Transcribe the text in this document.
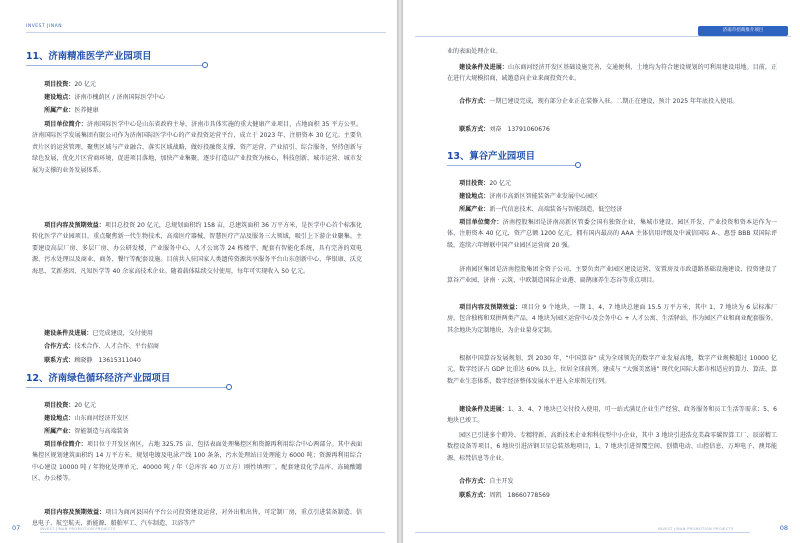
INVEST JINAN
11、济南精准医学产业园项目
项目投资：20 亿元
建设地点：济南市槐荫区 / 济南国际医学中心
所属产业：医养健康
项目单位简介：济南国际医学中心是山东省政府主导、济南市具体实施的重大健康产业项目，占地面积 35 平方公里。济南国际医学发展集团有限公司作为济南国际医学中心的产业投资运营平台，成立于 2023 年，注册资本 30 亿元。主要负责片区的运营管理、聚焦区域与产业融合，落实区域战略，做好投融资支撑，资产运营、产业招引、综合服务，坚持创新与绿色发展，优化片区营商环境，促进项目落地，加快产业集聚，逐步打造以产业投资为核心，科技创新、城市运营、城市发展为支撑的业务发展体系。
项目内容及预期效益：项目总投资 20 亿元，总规划面积约 158 亩，总建筑面积 36 万平方米，是医学中心首个标准化转化医学产业园项目，重点聚焦新一代生物技术、高端医疗器械、智慧医疗产品及服务三大领域，吸引上下游企业聚集。主要建设高层厂房、多层厂房、办公研发楼、产业服务中心、人才公寓等 24 栋楼宇，配套有智能化系统，具有完善的双电源、污水处理以及商业、商务、餐厅等配套设施。目前共入驻国家人类遗传资源共享服务平台山东创新中心、华银康、沃克海思、艾新基因、凡知医学等 40 余家高技术企业。随着载体陆续交付使用，每年可实现收入 50 亿元。
建设条件及进展：已完成建设，交付使用
合作方式：技术合作、人才合作、平台招商
联系方式：顾晓静　13615311040
12、济南绿色循环经济产业园项目
项目投资：20 亿元
建设地点：山东商河经济开发区
所属产业：智能制造与高端装备
项目单位简介：项目位于开发区南区，占地 325.75 亩，包括表面处理集控区和资源再利用综合中心两部分。其中表面集控区规划建筑面积约 14 万平方米，规划电镀及电泳产线 100 条条，污水处理站日处理能力 6000 吨；资源再利用综合中心建设 10000 吨 / 年物化处理单元、40000 吨 / 年（总库容 40 万立方）刚性填埋厂。配套建设化学品库、冻硫酸罐区、办公楼等。
项目内容及预期效益：项目为商河县国有平台公司投资建设运营，对外出租出售，可定制厂房，重点引进装备制造、信息电子、航空航天、新能源、船舶军工、汽车制造、卫浴等产
07	INVEST JINAN PROMOTION PROJECTS
济南市招商推介项目
业的表面处理企业。
建设条件及进展：山东商河经济开发区基础设施完善，交通便利，土地均为符合建设规划的可利用建设用地。目前，正在进行大规模招商，诚邀意向企业来商投资兴业。
合作方式：一期已建设完成，现有部分企业正在装修入驻。二期正在建设，预计 2025 年年底投入使用。
联系方式：刘奋　13791060676
13、算谷产业园项目
项目投资：20 亿元
建设地点：济南市高新区智能装备产业发展中心园区
所属产业：新一代信息技术、高端装备与智能制造、低空经济
项目单位简介：济南控股集团是济南高新区管委会国有独资企业，集城市建设、园区开发、产业投资和资本运作为一体，注册资本 40 亿元，资产总额 1200 亿元，拥有国内最高的 AAA 主体信用评级及中诚信国际 A-、惠誉 BBB 双国际评级，连续六年蝉联中国产业园区运营商 20 强。
济南园区集团是济南控股集团全资子公司，主要负责产业园区建设运营、安置房及市政道路基础设施建设、投资建设了算谷产业园、济南 · 云筑、中欧制造国际企业港、扁鹊康养生态谷等重点项目。
项目内容及预期效益：项目分 9 个地块，一期 1、4、7 地块总建面 15.5 万平方米，其中 1、7 地块为 6 层标准厂房，包含独栋和双拼两类产品，4 地块为园区运营中心及会务中心 + 人才公寓、生活驿站，作为园区产业和商业配套服务。其余地块为定制地块，为企业量身定制。
根据中国算谷发展规划，到 2030 年，“中国算谷” 成为全球领先的数字产业发展高地，数字产业规模超过 10000 亿元，数字经济占 GDP 比重达 60% 以上，位居全球前列。建成与 “大强美富通” 现代化国际大都市相适应的算力、算法、算数产业生态体系，数字经济整体发展水平进入全球领先行列。
建设条件及进展：1、3、4、7 地块已交付投入使用，可一站式满足企业生产经营、政务服务和员工生活等需求；5、6 地块已竣工。
园区已引进多个瞪羚、专精特新、高新技术企业和科技型中小企业，其中 3 地块引进浩克美森零碳智算工厂、辰诺精工数控设备等项目，6 地块引进济钢卫星总装基地项目，1、7 地块引进智覆空间、创微电动、山控信息、万坤电子、澳邦能源、标梵信息等企业。
合作方式：自主开发
联系方式：周凯　18660778569
INVEST JINAN PROMOTION PROJECTS	08
